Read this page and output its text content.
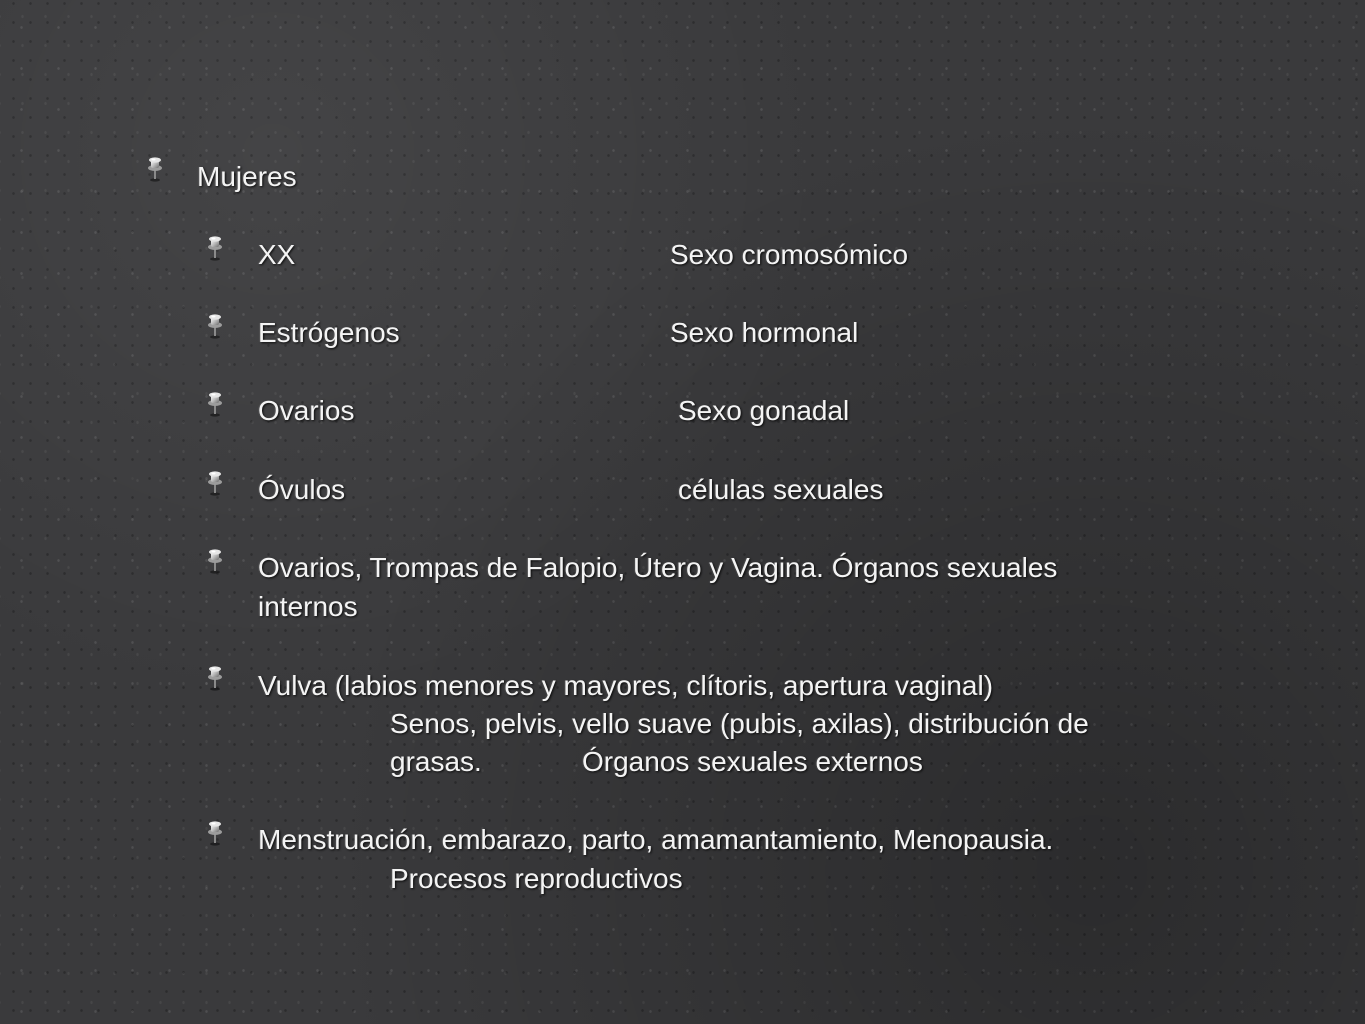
Mujeres
XX	Sexo cromosómico
Estrógenos	Sexo hormonal
Ovarios	Sexo gonadal
Óvulos	células sexuales
Ovarios, Trompas de Falopio, Útero y Vagina. Órganos sexuales
internos
Vulva (labios menores y mayores, clítoris, apertura vaginal)
Senos, pelvis, vello suave (pubis, axilas), distribución de
grasas.	Órganos sexuales externos
Menstruación, embarazo, parto, amamantamiento, Menopausia.
Procesos reproductivos
